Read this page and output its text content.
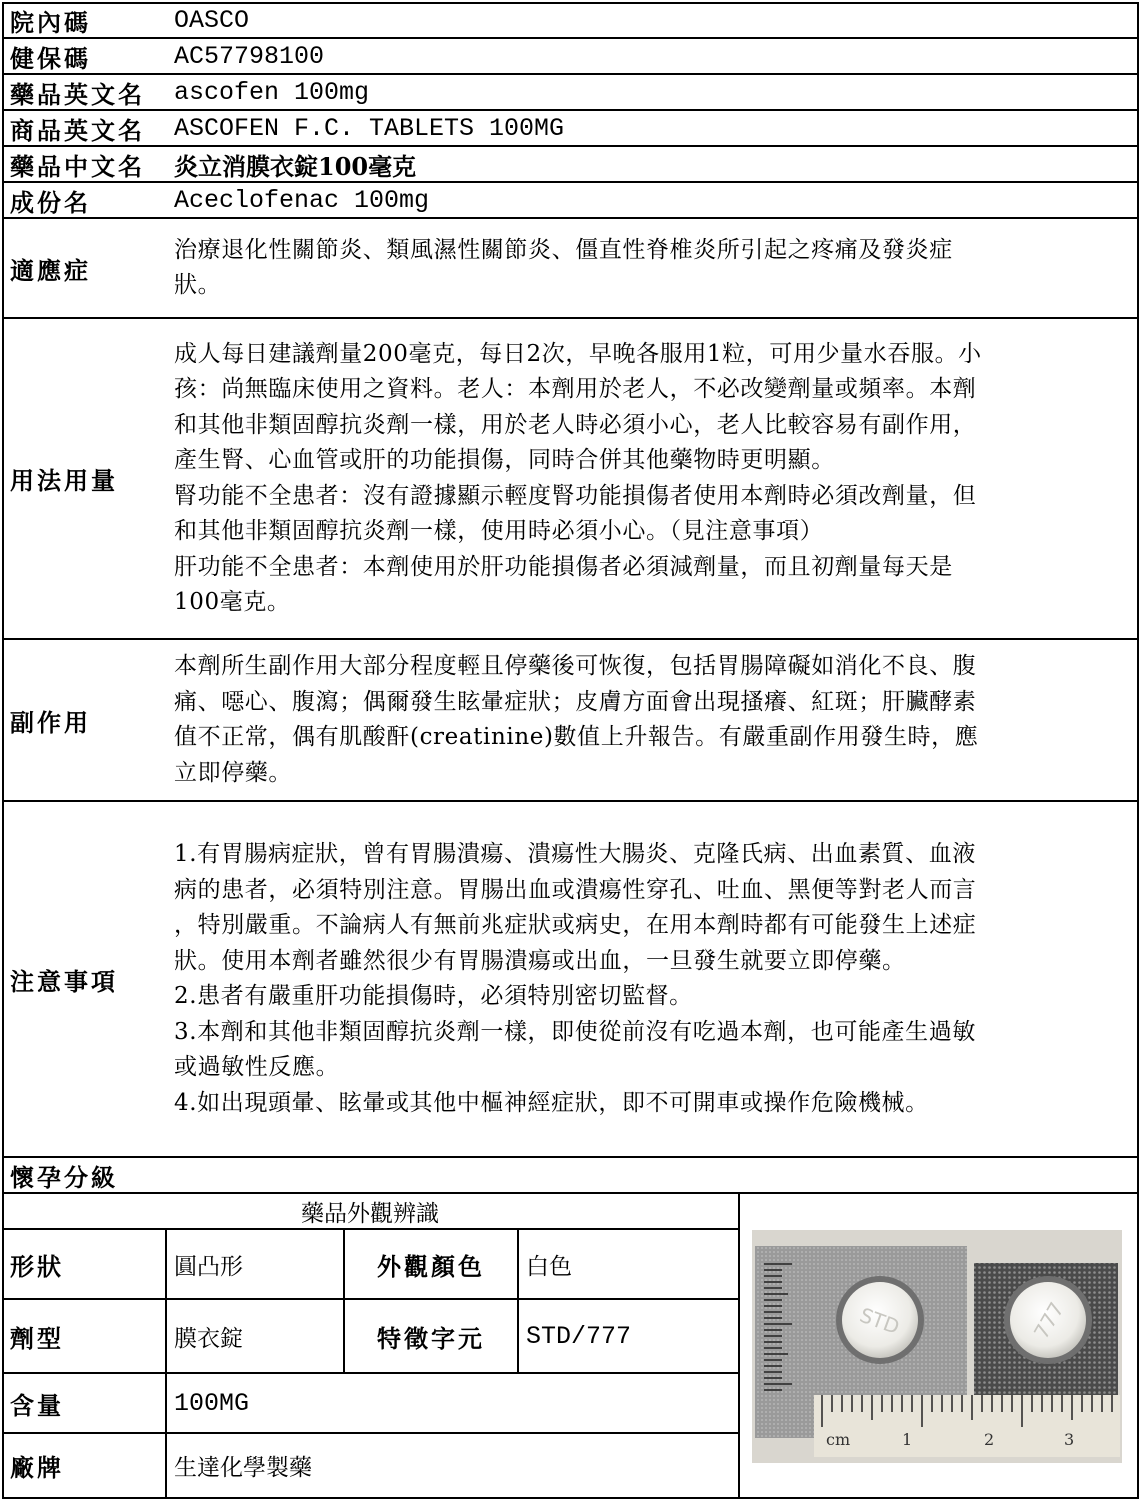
院內碼	OASCO
健保碼	AC57798100
藥品英文名	ascofen 100mg
商品英文名	ASCOFEN F.C. TABLETS 100MG
藥品中文名	炎立消膜衣錠100毫克
成份名	Aceclofenac 100mg
適應症
治療退化性關節炎、類風濕性關節炎、僵直性脊椎炎所引起之疼痛及發炎症
狀。
用法用量
成人每日建議劑量200毫克，每日2次，早晚各服用1粒，可用少量水吞服。小
孩：尚無臨床使用之資料。老人：本劑用於老人，不必改變劑量或頻率。本劑
和其他非類固醇抗炎劑一樣，用於老人時必須小心，老人比較容易有副作用，
產生腎、心血管或肝的功能損傷，同時合併其他藥物時更明顯。
腎功能不全患者：沒有證據顯示輕度腎功能損傷者使用本劑時必須改劑量，但
和其他非類固醇抗炎劑一樣，使用時必須小心。（見注意事項）
肝功能不全患者：本劑使用於肝功能損傷者必須減劑量，而且初劑量每天是
100毫克。
副作用
本劑所生副作用大部分程度輕且停藥後可恢復，包括胃腸障礙如消化不良、腹
痛、噁心、腹瀉；偶爾發生眩暈症狀；皮膚方面會出現搔癢、紅斑；肝臟酵素
值不正常，偶有肌酸酐(creatinine)數值上升報告。有嚴重副作用發生時，應
立即停藥。
注意事項
1.有胃腸病症狀，曾有胃腸潰瘍、潰瘍性大腸炎、克隆氏病、出血素質、血液
病的患者，必須特別注意。胃腸出血或潰瘍性穿孔、吐血、黑便等對老人而言
，特別嚴重。不論病人有無前兆症狀或病史，在用本劑時都有可能發生上述症
狀。使用本劑者雖然很少有胃腸潰瘍或出血，一旦發生就要立即停藥。
2.患者有嚴重肝功能損傷時，必須特別密切監督。
3.本劑和其他非類固醇抗炎劑一樣，即使從前沒有吃過本劑，也可能產生過敏
或過敏性反應。
4.如出現頭暈、眩暈或其他中樞神經症狀，即不可開車或操作危險機械。
懷孕分級
藥品外觀辨識
形狀	圓凸形	外觀顏色	白色
劑型	膜衣錠	特徵字元	STD/777
含量	100MG
廠牌	生達化學製藥
cm	1	2	3
STD	777
